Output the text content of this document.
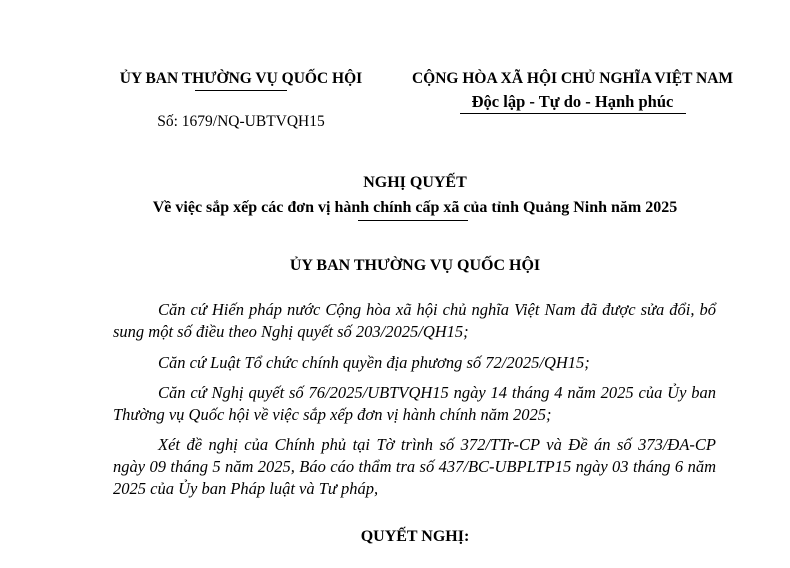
ỦY BAN THƯỜNG VỤ QUỐC HỘI
Số: 1679/NQ-UBTVQH15
CỘNG HÒA XÃ HỘI CHỦ NGHĨA VIỆT NAM
Độc lập - Tự do - Hạnh phúc
NGHỊ QUYẾT
Về việc sắp xếp các đơn vị hành chính cấp xã của tỉnh Quảng Ninh năm 2025
ỦY BAN THƯỜNG VỤ QUỐC HỘI
Căn cứ Hiến pháp nước Cộng hòa xã hội chủ nghĩa Việt Nam đã được sửa đổi, bổ sung một số điều theo Nghị quyết số 203/2025/QH15;
Căn cứ Luật Tổ chức chính quyền địa phương số 72/2025/QH15;
Căn cứ Nghị quyết số 76/2025/UBTVQH15 ngày 14 tháng 4 năm 2025 của Ủy ban Thường vụ Quốc hội về việc sắp xếp đơn vị hành chính năm 2025;
Xét đề nghị của Chính phủ tại Tờ trình số 372/TTr-CP và Đề án số 373/ĐA-CP ngày 09 tháng 5 năm 2025, Báo cáo thẩm tra số 437/BC-UBPLTP15 ngày 03 tháng 6 năm 2025 của Ủy ban Pháp luật và Tư pháp,
QUYẾT NGHỊ:
